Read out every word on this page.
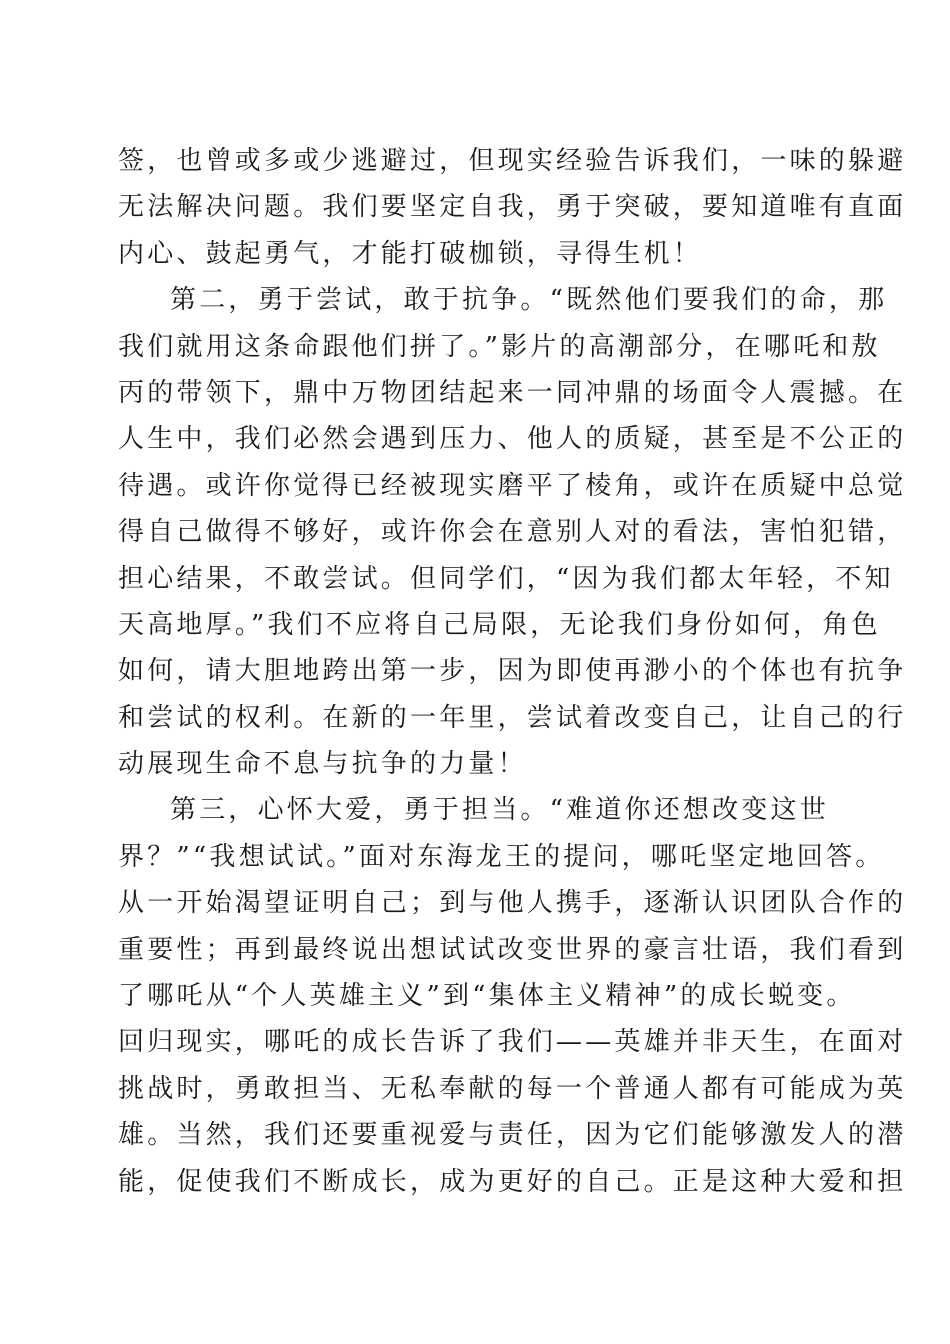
签，也曾或多或少逃避过，但现实经验告诉我们，一味的躲避
无法解决问题。我们要坚定自我，勇于突破，要知道唯有直面
内心、鼓起勇气，才能打破枷锁，寻得生机！
第二，勇于尝试，敢于抗争。“既然他们要我们的命，那
我们就用这条命跟他们拼了。”影片的高潮部分，在哪吒和敖
丙的带领下，鼎中万物团结起来一同冲鼎的场面令人震撼。在
人生中，我们必然会遇到压力、他人的质疑，甚至是不公正的
待遇。或许你觉得已经被现实磨平了棱角，或许在质疑中总觉
得自己做得不够好，或许你会在意别人对的看法，害怕犯错，
担心结果，不敢尝试。但同学们，“因为我们都太年轻，不知
天高地厚。”我们不应将自己局限，无论我们身份如何，角色
如何，请大胆地跨出第一步，因为即使再渺小的个体也有抗争
和尝试的权利。在新的一年里，尝试着改变自己，让自己的行
动展现生命不息与抗争的力量！
第三，心怀大爱，勇于担当。“难道你还想改变这世
界？”“我想试试。”面对东海龙王的提问，哪吒坚定地回答。
从一开始渴望证明自己；到与他人携手，逐渐认识团队合作的
重要性；再到最终说出想试试改变世界的豪言壮语，我们看到
了哪吒从“个人英雄主义”到“集体主义精神”的成长蜕变。
回归现实，哪吒的成长告诉了我们——英雄并非天生，在面对
挑战时，勇敢担当、无私奉献的每一个普通人都有可能成为英
雄。当然，我们还要重视爱与责任，因为它们能够激发人的潜
能，促使我们不断成长，成为更好的自己。正是这种大爱和担
